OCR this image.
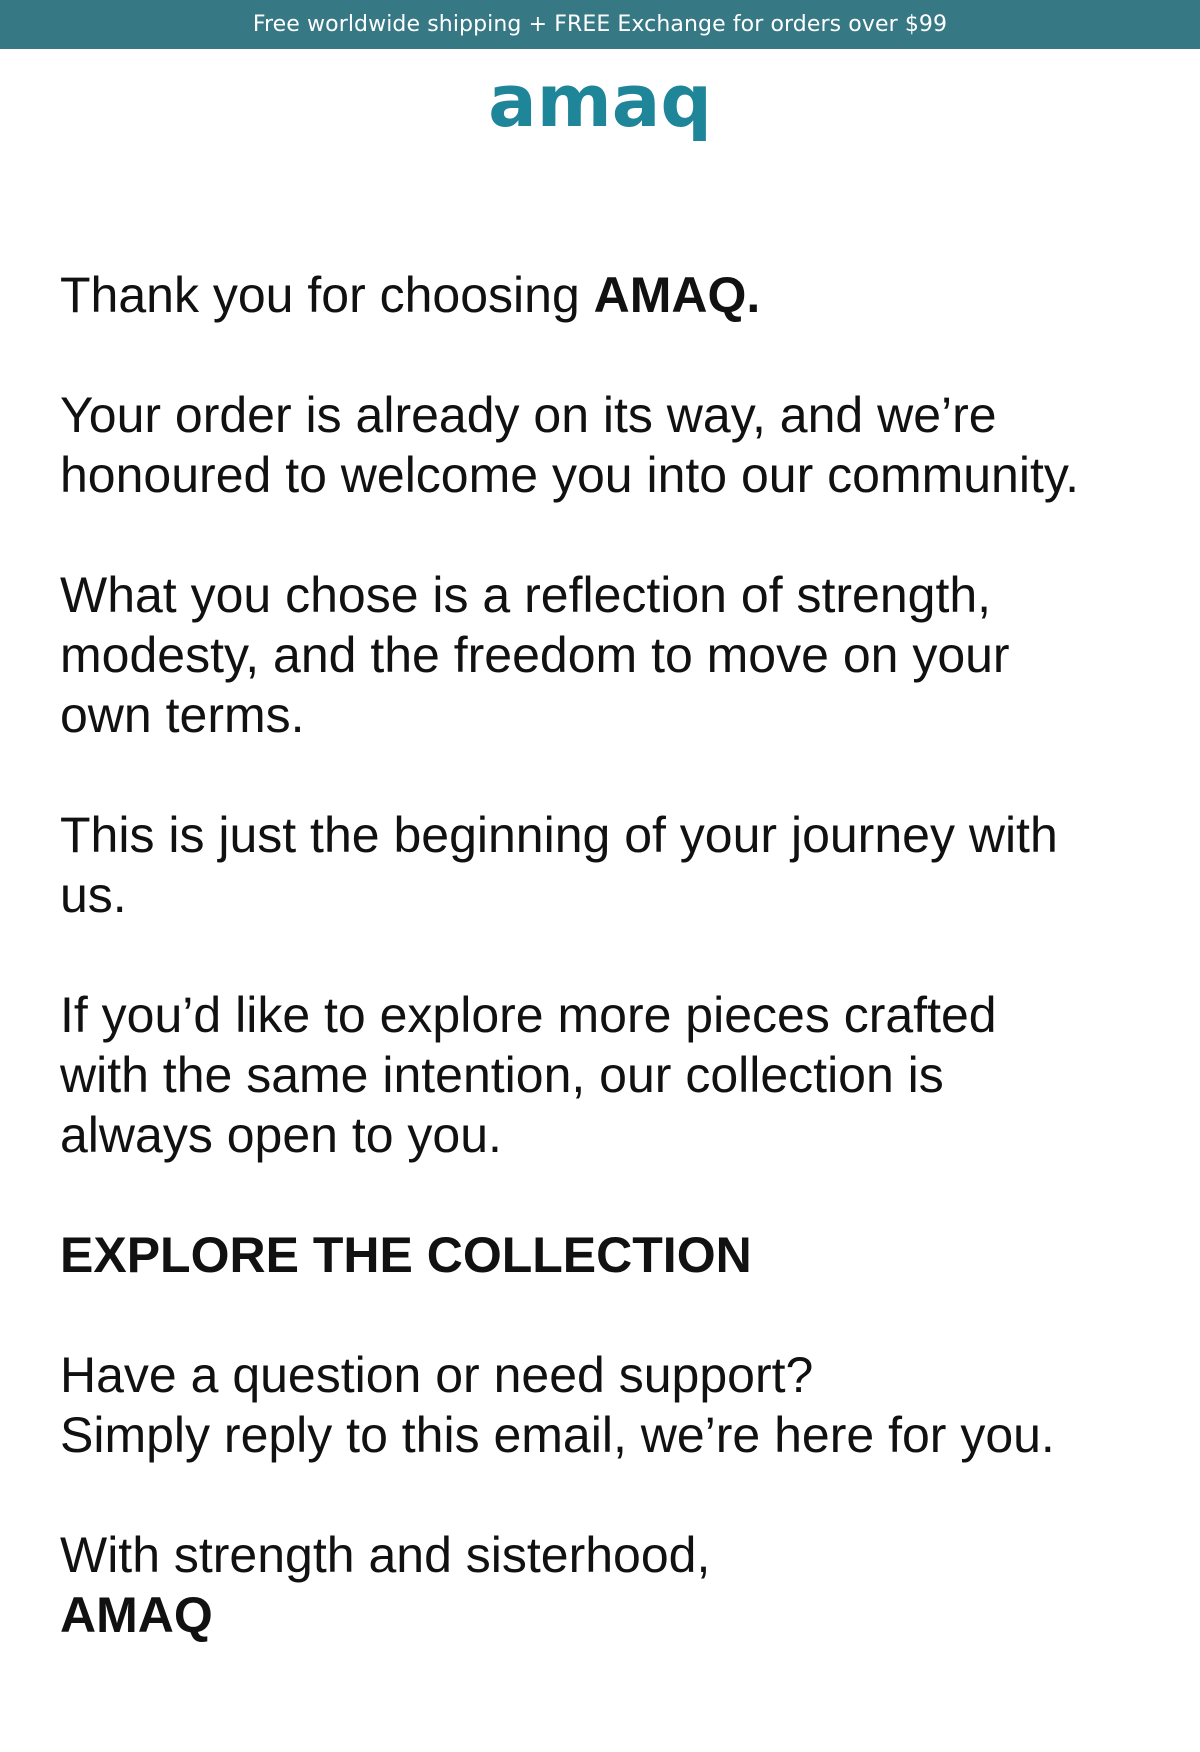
Free worldwide shipping + FREE Exchange for orders over $99
amaq

Thank you for choosing AMAQ.

Your order is already on its way, and we’re
honoured to welcome you into our community.

What you chose is a reflection of strength,
modesty, and the freedom to move on your
own terms.

This is just the beginning of your journey with
us.

If you’d like to explore more pieces crafted
with the same intention, our collection is
always open to you.

EXPLORE THE COLLECTION

Have a question or need support?
Simply reply to this email, we’re here for you.

With strength and sisterhood,
AMAQ
